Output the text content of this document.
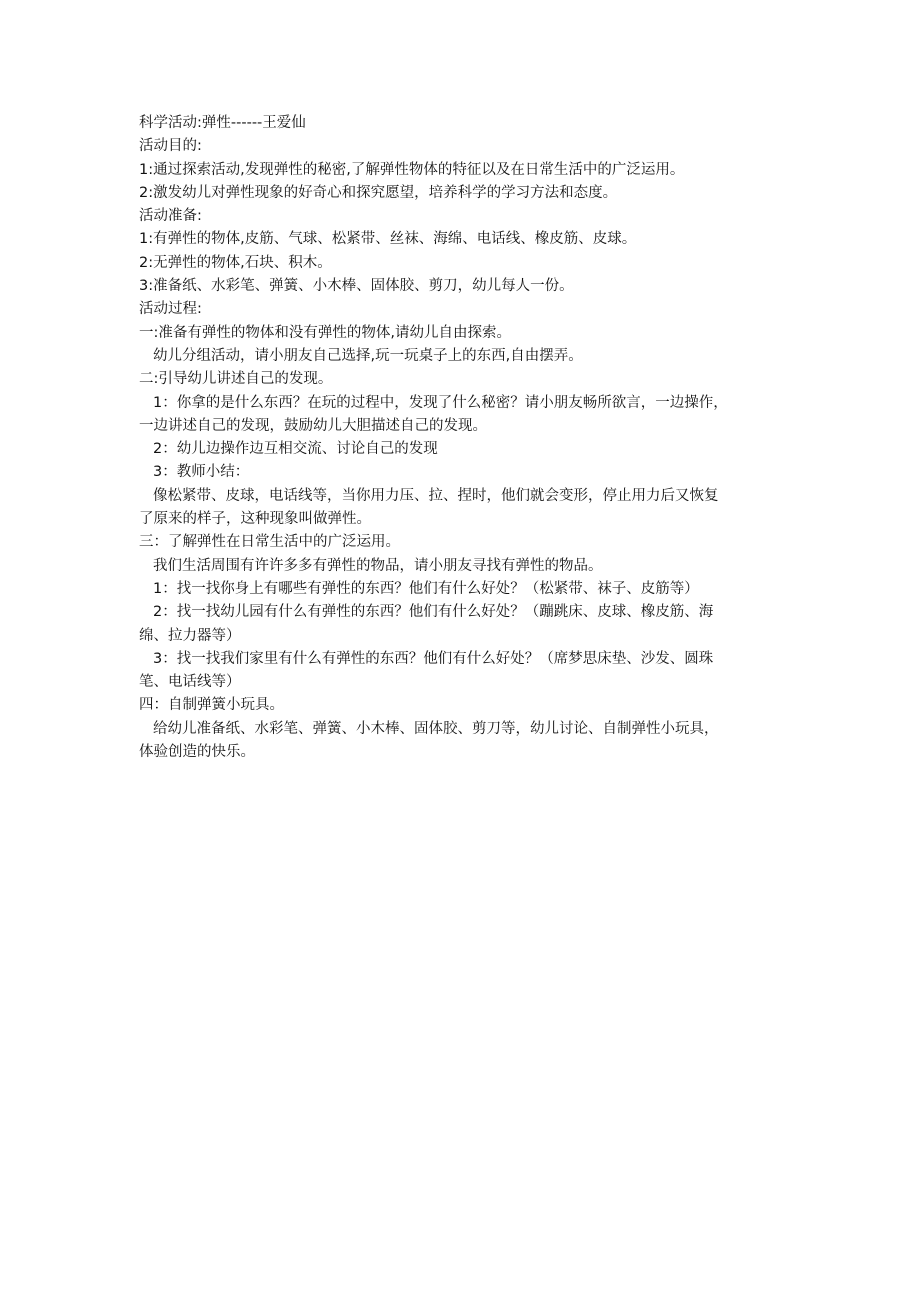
科学活动:弹性------王爱仙
活动目的:
1:通过探索活动,发现弹性的秘密,了解弹性物体的特征以及在日常生活中的广泛运用。
2:激发幼儿对弹性现象的好奇心和探究愿望，培养科学的学习方法和态度。
活动准备:
1:有弹性的物体,皮筋、气球、松紧带、丝袜、海绵、电话线、橡皮筋、皮球。
2:无弹性的物体,石块、积木。
3:准备纸、水彩笔、弹簧、小木棒、固体胶、剪刀，幼儿每人一份。
活动过程:
一:准备有弹性的物体和没有弹性的物体,请幼儿自由探索。
幼儿分组活动，请小朋友自己选择,玩一玩桌子上的东西,自由摆弄。
二:引导幼儿讲述自己的发现。
1：你拿的是什么东西？在玩的过程中，发现了什么秘密？请小朋友畅所欲言，一边操作，
一边讲述自己的发现，鼓励幼儿大胆描述自己的发现。
2：幼儿边操作边互相交流、讨论自己的发现
3：教师小结：
像松紧带、皮球，电话线等，当你用力压、拉、捏时，他们就会变形，停止用力后又恢复
了原来的样子，这种现象叫做弹性。
三：了解弹性在日常生活中的广泛运用。
我们生活周围有许许多多有弹性的物品，请小朋友寻找有弹性的物品。
1：找一找你身上有哪些有弹性的东西？他们有什么好处？（松紧带、袜子、皮筋等）
2：找一找幼儿园有什么有弹性的东西？他们有什么好处？（蹦跳床、皮球、橡皮筋、海
绵、拉力器等）
3：找一找我们家里有什么有弹性的东西？他们有什么好处？（席梦思床垫、沙发、圆珠
笔、电话线等）
四：自制弹簧小玩具。
给幼儿准备纸、水彩笔、弹簧、小木棒、固体胶、剪刀等，幼儿讨论、自制弹性小玩具，
体验创造的快乐。
